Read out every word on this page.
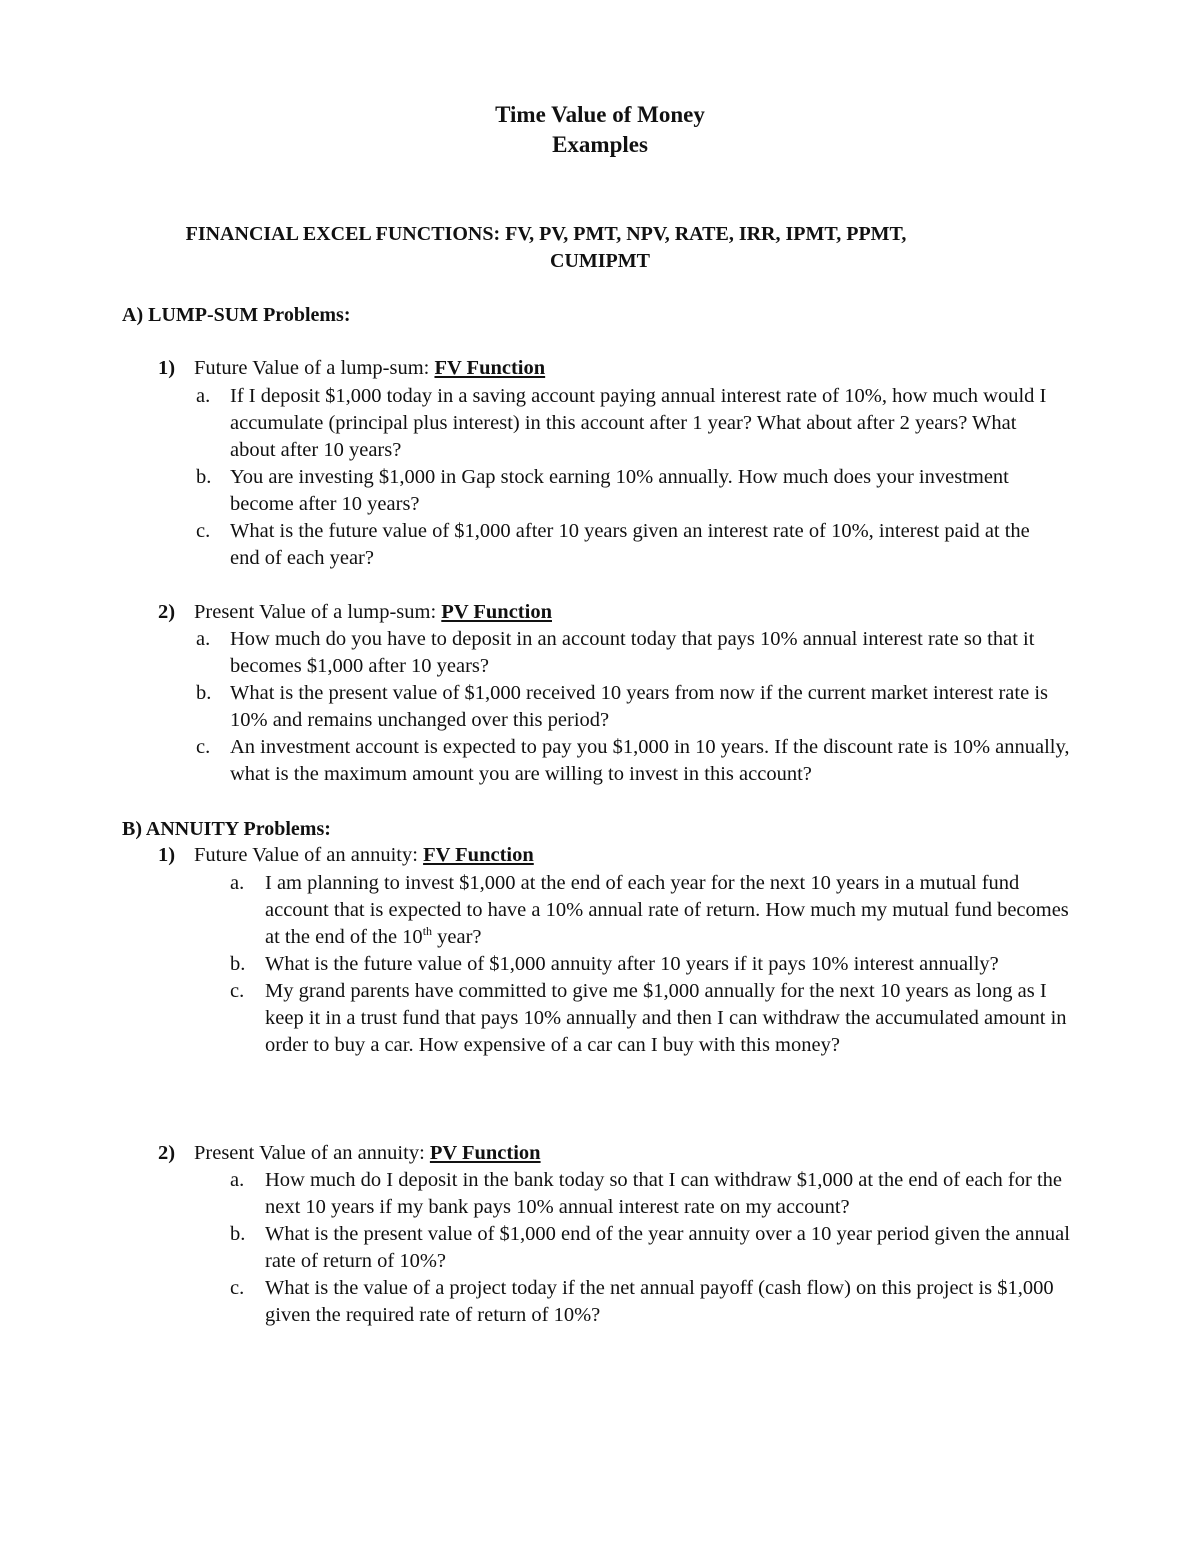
Time Value of Money
Examples
FINANCIAL EXCEL FUNCTIONS: FV, PV, PMT, NPV, RATE, IRR, IPMT, PPMT,
CUMIPMT
A) LUMP-SUM Problems:
1) Future Value of a lump-sum: FV Function
a. If I deposit $1,000 today in a saving account paying annual interest rate of 10%, how much would I accumulate (principal plus interest) in this account after 1 year? What about after 2 years? What about after 10 years?
b. You are investing $1,000 in Gap stock earning 10% annually. How much does your investment become after 10 years?
c. What is the future value of $1,000 after 10 years given an interest rate of 10%, interest paid at the end of each year?
2) Present Value of a lump-sum: PV Function
a. How much do you have to deposit in an account today that pays 10% annual interest rate so that it becomes $1,000 after 10 years?
b. What is the present value of $1,000 received 10 years from now if the current market interest rate is 10% and remains unchanged over this period?
c. An investment account is expected to pay you $1,000 in 10 years. If the discount rate is 10% annually, what is the maximum amount you are willing to invest in this account?
B) ANNUITY Problems:
1) Future Value of an annuity: FV Function
a. I am planning to invest $1,000 at the end of each year for the next 10 years in a mutual fund account that is expected to have a 10% annual rate of return. How much my mutual fund becomes at the end of the 10th year?
b. What is the future value of $1,000 annuity after 10 years if it pays 10% interest annually?
c. My grand parents have committed to give me $1,000 annually for the next 10 years as long as I keep it in a trust fund that pays 10% annually and then I can withdraw the accumulated amount in order to buy a car. How expensive of a car can I buy with this money?
2) Present Value of an annuity: PV Function
a. How much do I deposit in the bank today so that I can withdraw $1,000 at the end of each for the next 10 years if my bank pays 10% annual interest rate on my account?
b. What is the present value of $1,000 end of the year annuity over a 10 year period given the annual rate of return of 10%?
c. What is the value of a project today if the net annual payoff (cash flow) on this project is $1,000 given the required rate of return of 10%?
